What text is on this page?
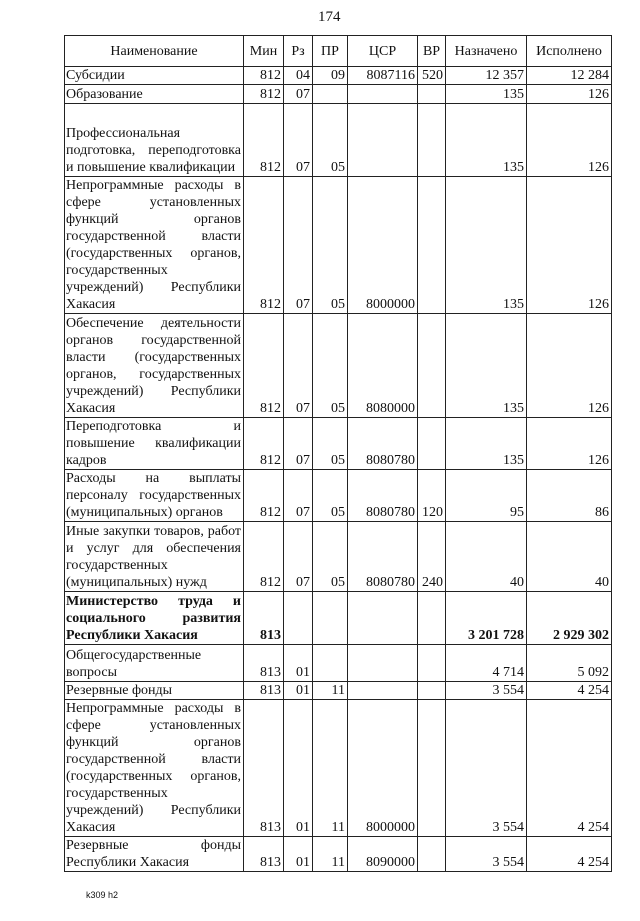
174
Наименование	Мин	Рз	ПР	ЦСР	ВР	Назначено	Исполнено
Субсидии	812	04	09	8087116	520	12 357	12 284
Образование	812	07				135	126
Профессиональная подготовка, переподготовка и повышение квалификации	812	07	05			135	126
Непрограммные расходы в сфере установленных функций органов государственной власти (государственных органов, государственных учреждений) Республики Хакасия	812	07	05	8000000		135	126
Обеспечение деятельности органов государственной власти (государственных органов, государственных учреждений) Республики Хакасия	812	07	05	8080000		135	126
Переподготовка и повышение квалификации кадров	812	07	05	8080780		135	126
Расходы на выплаты персоналу государственных (муниципальных) органов	812	07	05	8080780	120	95	86
Иные закупки товаров, работ и услуг для обеспечения государственных (муниципальных) нужд	812	07	05	8080780	240	40	40
Министерство труда и социального развития Республики Хакасия	813					3 201 728	2 929 302
Общегосударственные вопросы	813	01				4 714	5 092
Резервные фонды	813	01	11			3 554	4 254
Непрограммные расходы в сфере установленных функций органов государственной власти (государственных органов, государственных учреждений) Республики Хакасия	813	01	11	8000000		3 554	4 254
Резервные фонды Республики Хакасия	813	01	11	8090000		3 554	4 254
k309 h2
